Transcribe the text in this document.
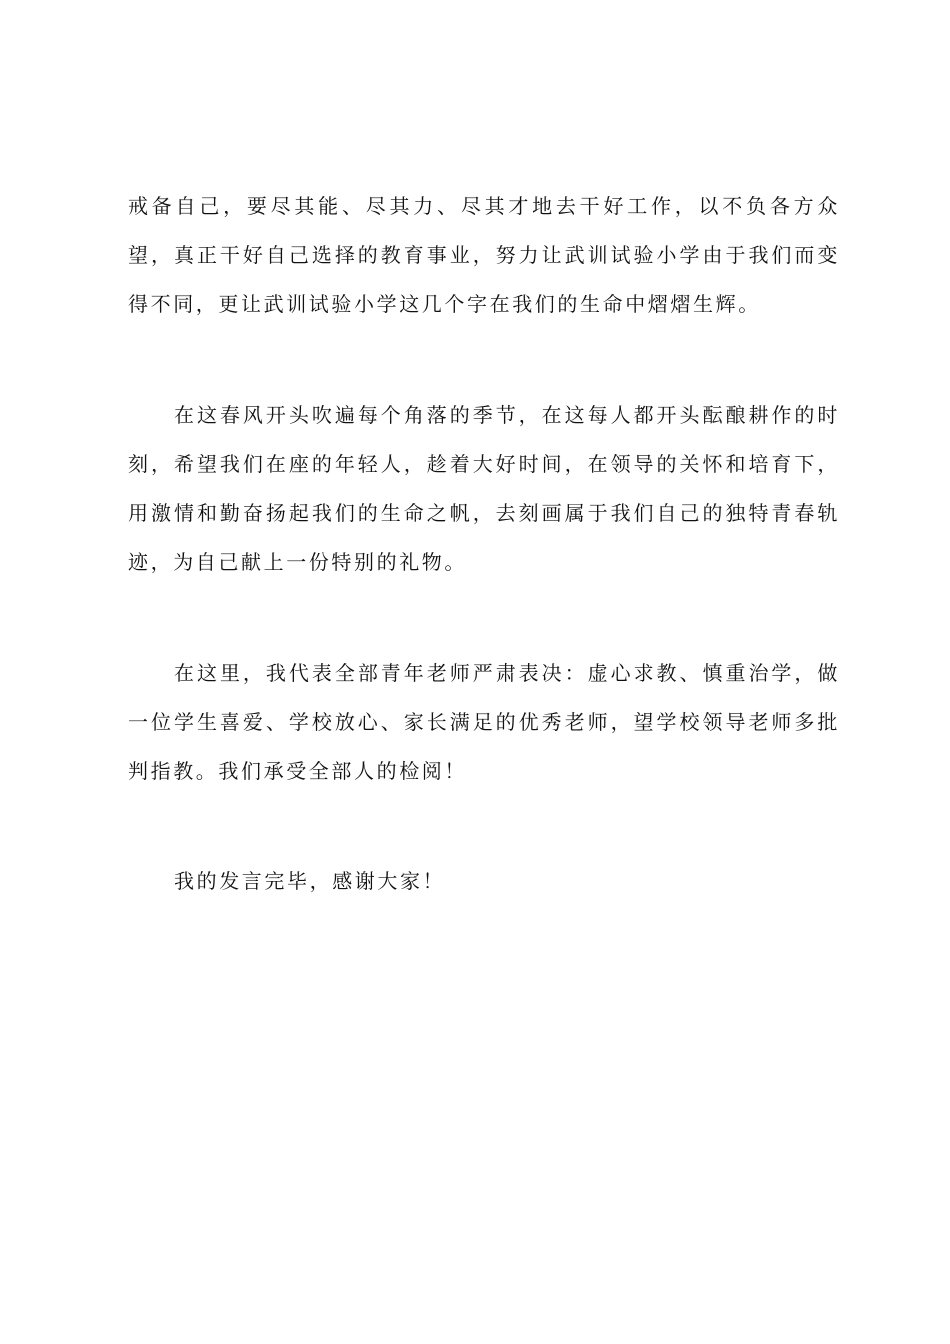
戒备自己，要尽其能、尽其力、尽其才地去干好工作，以不负各方众望，真正干好自己选择的教育事业，努力让武训试验小学由于我们而变得不同，更让武训试验小学这几个字在我们的生命中熠熠生辉。

在这春风开头吹遍每个角落的季节，在这每人都开头酝酿耕作的时刻，希望我们在座的年轻人，趁着大好时间，在领导的关怀和培育下，用激情和勤奋扬起我们的生命之帆，去刻画属于我们自己的独特青春轨迹，为自己献上一份特别的礼物。

在这里，我代表全部青年老师严肃表决：虚心求教、慎重治学，做一位学生喜爱、学校放心、家长满足的优秀老师，望学校领导老师多批判指教。我们承受全部人的检阅！

我的发言完毕，感谢大家！
